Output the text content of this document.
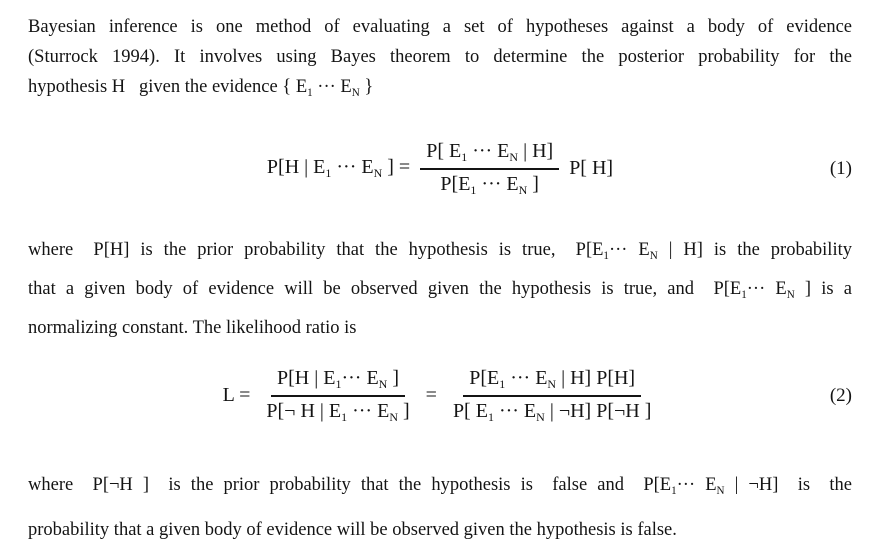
Bayesian inference is one method of evaluating a set of hypotheses against a body of evidence
(Sturrock 1994). It involves using Bayes theorem to determine the posterior probability for the
hypothesis H  given the evidence { $E_1$ ··· $E_N$ }
P[H | $E_1$ ··· $E_N$ ] = $\frac{P[ E_1 \cdot\cdot\cdot E_N | H]}{P[E_1 \cdot\cdot\cdot E_N ]} P$[ H]	(1)
where  P[H] is the prior probability that the hypothesis is true,  $P[E_1\cdot\cdot\cdot E_N$ | H] is the probability
that a given body of evidence will be observed given the hypothesis is true, and  $P[E_1\cdot\cdot\cdot E_N$ ] is a
normalizing constant. The likelihood ratio is
$L = \frac{P[H | E_1\cdot\cdot\cdot E_N ]}{P[\neg H | E_1 \cdot\cdot\cdot E_N ]} = \frac{P[E_1 \cdot\cdot\cdot E_N | H] P[H]}{P[ E_1 \cdot\cdot\cdot E_N | \neg H] P[\neg H ]}$	(2)
where  P[¬H ]  is the prior probability that the hypothesis is  false and  $P[E_1\cdot\cdot\cdot E_N$ | ¬H]  is  the
probability that a given body of evidence will be observed given the hypothesis is false.
